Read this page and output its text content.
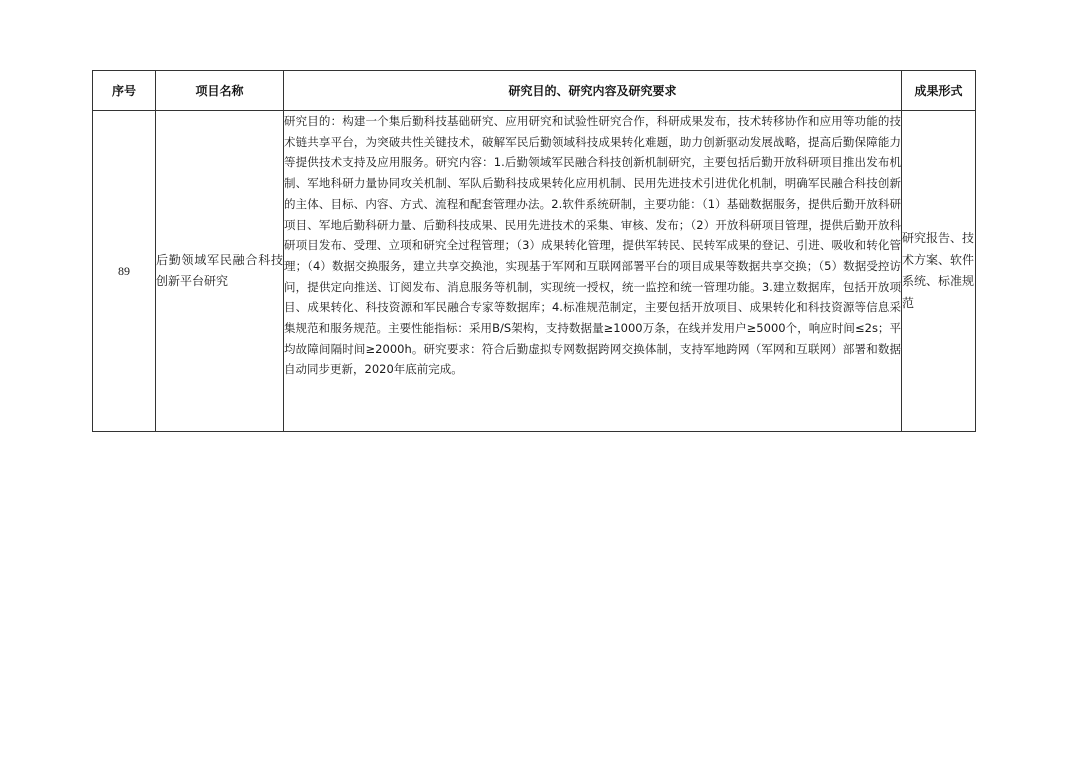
序号	项目名称	研究目的、研究内容及研究要求	成果形式
89	后勤领域军民融合科技创新平台研究	研究目的：构建一个集后勤科技基础研究、应用研究和试验性研究合作，科研成果发布，技术转移协作和应用等功能的技术链共享平台，为突破共性关键技术，破解军民后勤领域科技成果转化难题，助力创新驱动发展战略，提高后勤保障能力等提供技术支持及应用服务。研究内容：1.后勤领域军民融合科技创新机制研究，主要包括后勤开放科研项目推出发布机制、军地科研力量协同攻关机制、军队后勤科技成果转化应用机制、民用先进技术引进优化机制，明确军民融合科技创新的主体、目标、内容、方式、流程和配套管理办法。2.软件系统研制，主要功能：（1）基础数据服务，提供后勤开放科研项目、军地后勤科研力量、后勤科技成果、民用先进技术的采集、审核、发布；（2）开放科研项目管理，提供后勤开放科研项目发布、受理、立项和研究全过程管理；（3）成果转化管理，提供军转民、民转军成果的登记、引进、吸收和转化管理；（4）数据交换服务，建立共享交换池，实现基于军网和互联网部署平台的项目成果等数据共享交换；（5）数据受控访问，提供定向推送、订阅发布、消息服务等机制，实现统一授权，统一监控和统一管理功能。3.建立数据库，包括开放项目、成果转化、科技资源和军民融合专家等数据库；4.标准规范制定，主要包括开放项目、成果转化和科技资源等信息采集规范和服务规范。主要性能指标：采用B/S架构，支持数据量≥1000万条，在线并发用户≥5000个，响应时间≤2s；平均故障间隔时间≥2000h。研究要求：符合后勤虚拟专网数据跨网交换体制，支持军地跨网（军网和互联网）部署和数据自动同步更新，2020年底前完成。	研究报告、技术方案、软件系统、标准规范
